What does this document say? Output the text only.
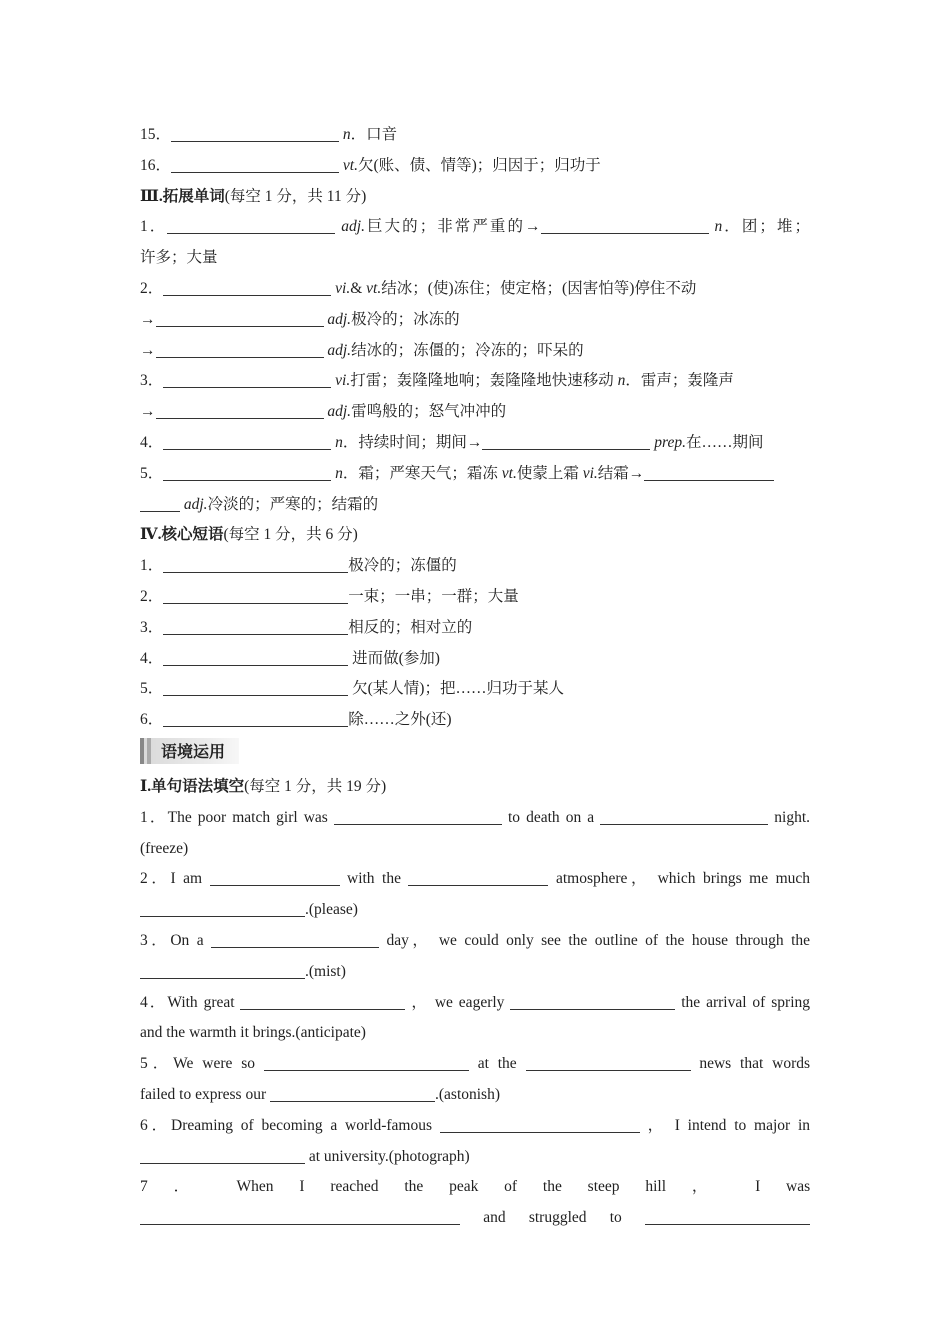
15．	n．口音
16．	vt.欠(账、债、情等)；归因于；归功于
Ⅲ.拓展单词(每空 1 分，共 11 分)
1．	adj.巨大的；非常严重的→	n．团；堆；
许多；大量
2．	vi.& vt.结冰；(使)冻住；使定格；(因害怕等)停住不动
→	adj.极冷的；冰冻的
→	adj.结冰的；冻僵的；冷冻的；吓呆的
3．	vi.打雷；轰隆隆地响；轰隆隆地快速移动 n．雷声；轰隆声
→	adj.雷鸣般的；怒气冲冲的
4．	n．持续时间；期间→	prep.在……期间
5．	n．霜；严寒天气；霜冻 vt.使蒙上霜 vi.结霜→
adj.冷淡的；严寒的；结霜的
Ⅳ.核心短语(每空 1 分，共 6 分)
1．	极冷的；冻僵的
2．	一束；一串；一群；大量
3．	相反的；相对立的
4．	进而做(参加)
5．	欠(某人情)；把……归功于某人
6．	除……之外(还)
语境运用
Ⅰ.单句语法填空(每空 1 分，共 19 分)
1．The poor match girl was	to death on a	night.
(freeze)
2．I am	with the	atmosphere， which brings me much
.(please)
3．On a	day， we could only see the outline of the house through the
.(mist)
4．With great	， we eagerly	the arrival of spring
and the warmth it brings.(anticipate)
5．We were so	at the	news that words
failed to express our	.(astonish)
6．Dreaming of becoming a world-famous	， I intend to major in
at university.(photograph)
7 ． When I reached the peak of the steep hill ， I was
and struggled to
